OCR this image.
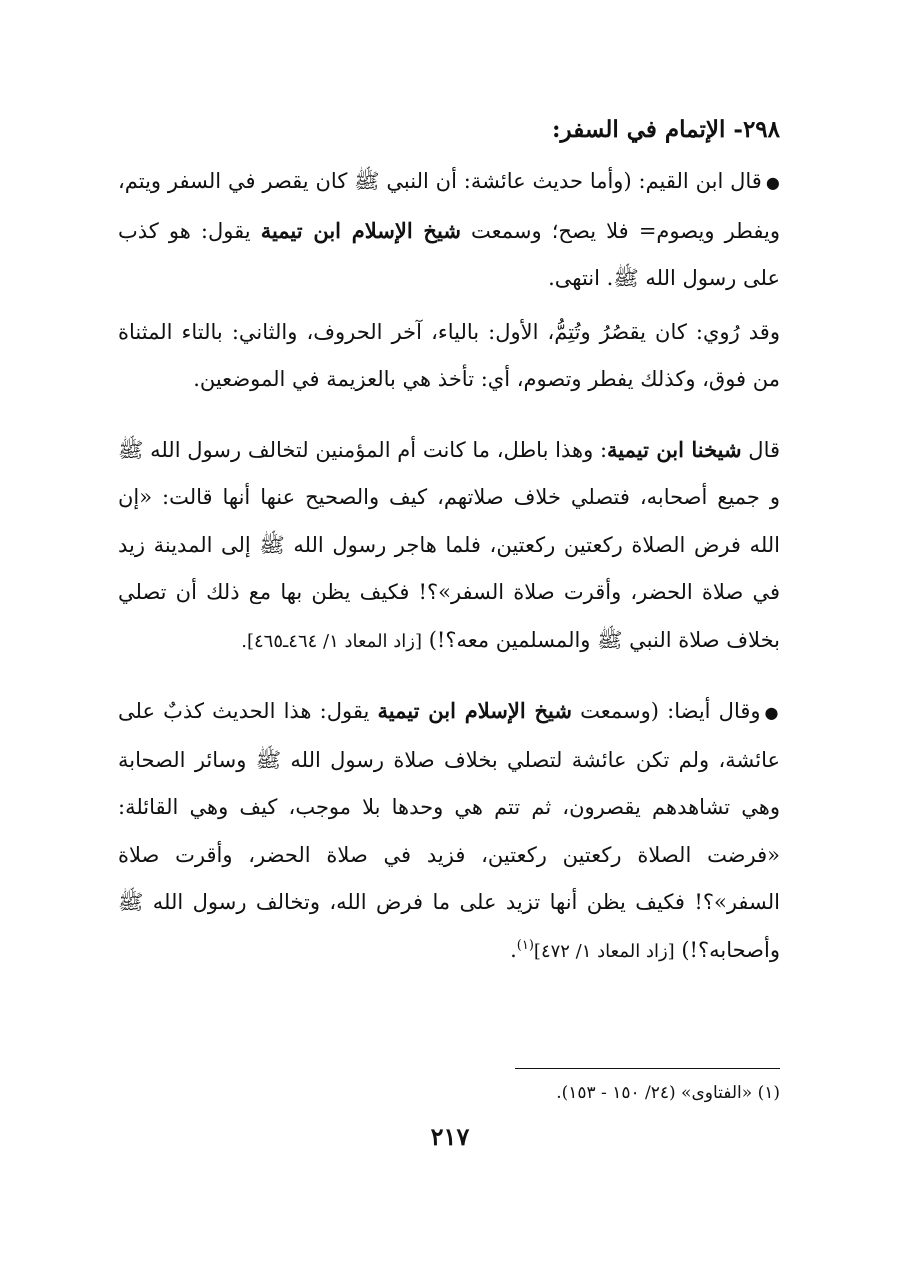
٢٩٨- الإتمام في السفر:

●قال ابن القيم: (وأما حديث عائشة: أن النبي ﷺ كان يقصر في السفر ويتم، ويفطر ويصوم= فلا يصح؛ وسمعت شيخ الإسلام ابن تيمية يقول: هو كذب على رسول الله ﷺ. انتهى.

وقد رُوي: كان يقصُرُ وتُتِمُّ، الأول: بالياء، آخر الحروف، والثاني: بالتاء المثناة من فوق، وكذلك يفطر وتصوم، أي: تأخذ هي بالعزيمة في الموضعين.

قال شيخنا ابن تيمية: وهذا باطل، ما كانت أم المؤمنين لتخالف رسول الله ﷺ و جميع أصحابه، فتصلي خلاف صلاتهم، كيف والصحيح عنها أنها قالت: «إن الله فرض الصلاة ركعتين ركعتين، فلما هاجر رسول الله ﷺ إلى المدينة زيد في صلاة الحضر، وأقرت صلاة السفر»؟! فكيف يظن بها مع ذلك أن تصلي بخلاف صلاة النبي ﷺ والمسلمين معه؟!) [زاد المعاد ١/ ٤٦٤ـ٤٦٥].

●وقال أيضا: (وسمعت شيخ الإسلام ابن تيمية يقول: هذا الحديث كذبٌ على عائشة، ولم تكن عائشة لتصلي بخلاف صلاة رسول الله ﷺ وسائر الصحابة وهي تشاهدهم يقصرون، ثم تتم هي وحدها بلا موجب، كيف وهي القائلة: «فرضت الصلاة ركعتين ركعتين، فزيد في صلاة الحضر، وأقرت صلاة السفر»؟! فكيف يظن أنها تزيد على ما فرض الله، وتخالف رسول الله ﷺ وأصحابه؟!) [زاد المعاد ١/ ٤٧٢]$^{(١)}$.

(١) «الفتاوى» (٢٤/ ١٥٠ - ١٥٣).
٢١٧
